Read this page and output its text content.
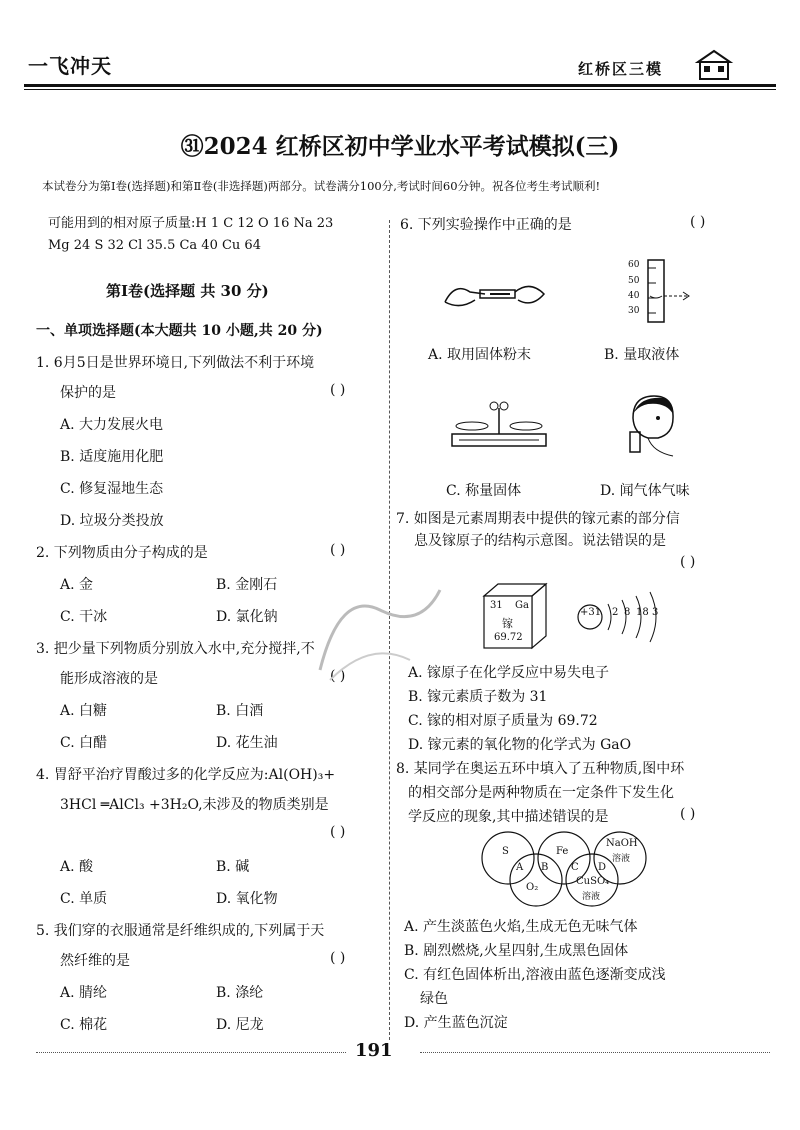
一飞冲天	红桥区三模
㉛2024 红桥区初中学业水平考试模拟(三)
本试卷分为第Ⅰ卷(选择题)和第Ⅱ卷(非选择题)两部分。试卷满分100分,考试时间60分钟。祝各位考生考试顺利!
可能用到的相对原子质量:H 1 C 12 O 16 Na 23
Mg 24 S 32 Cl 35.5 Ca 40 Cu 64
第Ⅰ卷(选择题 共 30 分)
一、单项选择题(本大题共 10 小题,共 20 分)
1. 6月5日是世界环境日,下列做法不利于环境
保护的是	( )
A. 大力发展火电
B. 适度施用化肥
C. 修复湿地生态
D. 垃圾分类投放
2. 下列物质由分子构成的是	( )
A. 金	B. 金刚石
C. 干冰	D. 氯化钠
3. 把少量下列物质分别放入水中,充分搅拌,不
能形成溶液的是	( )
A. 白糖	B. 白酒
C. 白醋	D. 花生油
4. 胃舒平治疗胃酸过多的化学反应为:Al(OH)₃+
3HCl ═AlCl₃ +3H₂O,未涉及的物质类别是
( )
A. 酸	B. 碱
C. 单质	D. 氧化物
5. 我们穿的衣服通常是纤维织成的,下列属于天
然纤维的是	( )
A. 腈纶	B. 涤纶
C. 棉花	D. 尼龙
6. 下列实验操作中正确的是	( )
60
50
40
30
A. 取用固体粉末	B. 量取液体
C. 称量固体	D. 闻气体气味
7. 如图是元素周期表中提供的镓元素的部分信
息及镓原子的结构示意图。说法错误的是
( )
31 Ga
镓
69.72
+31 2 8 18 3
A. 镓原子在化学反应中易失电子
B. 镓元素质子数为 31
C. 镓的相对原子质量为 69.72
D. 镓元素的氧化物的化学式为 GaO
8. 某同学在奥运五环中填入了五种物质,图中环
的相交部分是两种物质在一定条件下发生化
学反应的现象,其中描述错误的是	( )
S	Fe
NaOH
溶液
O₂
CuSO₄
溶液
A B C D
A. 产生淡蓝色火焰,生成无色无味气体
B. 剧烈燃烧,火星四射,生成黑色固体
C. 有红色固体析出,溶液由蓝色逐渐变成浅
绿色
D. 产生蓝色沉淀
191
